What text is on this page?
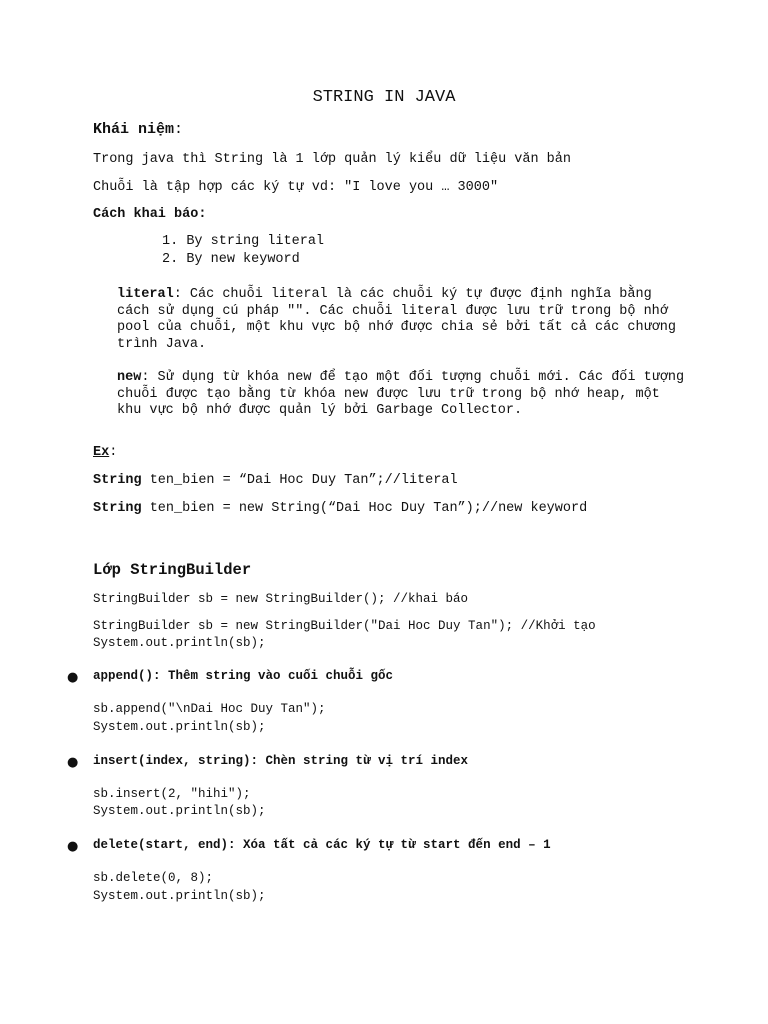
STRING IN JAVA
Khái niệm:
Trong java thì String là 1 lớp quản lý kiểu dữ liệu văn bản
Chuỗi là tập hợp các ký tự vd: "I love you … 3000"
Cách khai báo:
1. By string literal
2. By new keyword
literal: Các chuỗi literal là các chuỗi ký tự được định nghĩa bằng cách sử dụng cú pháp "". Các chuỗi literal được lưu trữ trong bộ nhớ pool của chuỗi, một khu vực bộ nhớ được chia sẻ bởi tất cả các chương trình Java.
new: Sử dụng từ khóa new để tạo một đối tượng chuỗi mới. Các đối tượng chuỗi được tạo bằng từ khóa new được lưu trữ trong bộ nhớ heap, một khu vực bộ nhớ được quản lý bởi Garbage Collector.
Ex:
String ten_bien = “Dai Hoc Duy Tan”;//literal
String ten_bien = new String(“Dai Hoc Duy Tan”);//new keyword
Lớp StringBuilder
StringBuilder sb = new StringBuilder(); //khai báo
StringBuilder sb = new StringBuilder("Dai Hoc Duy Tan"); //Khởi tạo
System.out.println(sb);
● append(): Thêm string vào cuối chuỗi gốc
sb.append("\nDai Hoc Duy Tan");
System.out.println(sb);
● insert(index, string): Chèn string từ vị trí index
sb.insert(2, "hihi");
System.out.println(sb);
● delete(start, end): Xóa tất cả các ký tự từ start đến end – 1
sb.delete(0, 8);
System.out.println(sb);
